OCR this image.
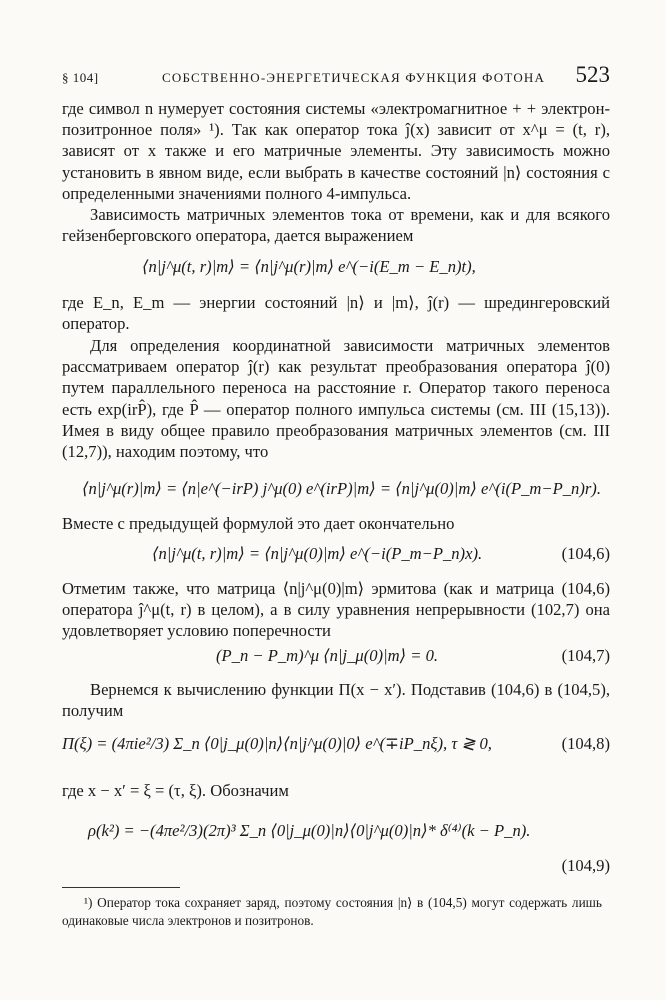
§ 104]	СОБСТВЕННО-ЭНЕРГЕТИЧЕСКАЯ ФУНКЦИЯ ФОТОНА 523

где символ n нумерует состояния системы «электромагнитное + + электрон-позитронное поля» ¹). Так как оператор тока ĵ(x) зависит от x^μ = (t, r), зависят от x также и его матричные элементы. Эту зависимость можно установить в явном виде, если выбрать в качестве состояний |n⟩ состояния с определенными значениями полного 4-импульса.

Зависимость матричных элементов тока от времени, как и для всякого гейзенберговского оператора, дается выражением

⟨n|j^μ(t, r)|m⟩ = ⟨n|j^μ(r)|m⟩ e^(−i(E_m − E_n)t),

где E_n, E_m — энергии состояний |n⟩ и |m⟩, ĵ(r) — шредингеровский оператор.

Для определения координатной зависимости матричных элементов рассматриваем оператор ĵ(r) как результат преобразования оператора ĵ(0) путем параллельного переноса на расстояние r. Оператор такого переноса есть exp(irP̂), где P̂ — оператор полного импульса системы (см. III (15,13)). Имея в виду общее правило преобразования матричных элементов (см. III (12,7)), находим поэтому, что

⟨n|j^μ(r)|m⟩ = ⟨n|e^(−irP) j^μ(0) e^(irP)|m⟩ = ⟨n|j^μ(0)|m⟩ e^(i(P_m−P_n)r).

Вместе с предыдущей формулой это дает окончательно

⟨n|j^μ(t, r)|m⟩ = ⟨n|j^μ(0)|m⟩ e^(−i(P_m−P_n)x).	(104,6)

Отметим также, что матрица ⟨n|j^μ(0)|m⟩ эрмитова (как и матрица (104,6) оператора ĵ^μ(t, r) в целом), а в силу уравнения непрерывности (102,7) она удовлетворяет условию поперечности

(P_n − P_m)^μ ⟨n|j_μ(0)|m⟩ = 0.	(104,7)

Вернемся к вычислению функции Π(x − x′). Подставив (104,6) в (104,5), получим

Π(ξ) = (4πie²/3) Σ_n ⟨0|j_μ(0)|n⟩⟨n|j^μ(0)|0⟩ e^(∓iP_nξ), τ ≷ 0,	(104,8)

где x − x′ = ξ = (τ, ξ). Обозначим

ρ(k²) = −(4πe²/3)(2π)³ Σ_n ⟨0|j_μ(0)|n⟩⟨0|j^μ(0)|n⟩* δ⁽⁴⁾(k − P_n).
(104,9)

¹) Оператор тока сохраняет заряд, поэтому состояния |n⟩ в (104,5) могут содержать лишь одинаковые числа электронов и позитронов.
